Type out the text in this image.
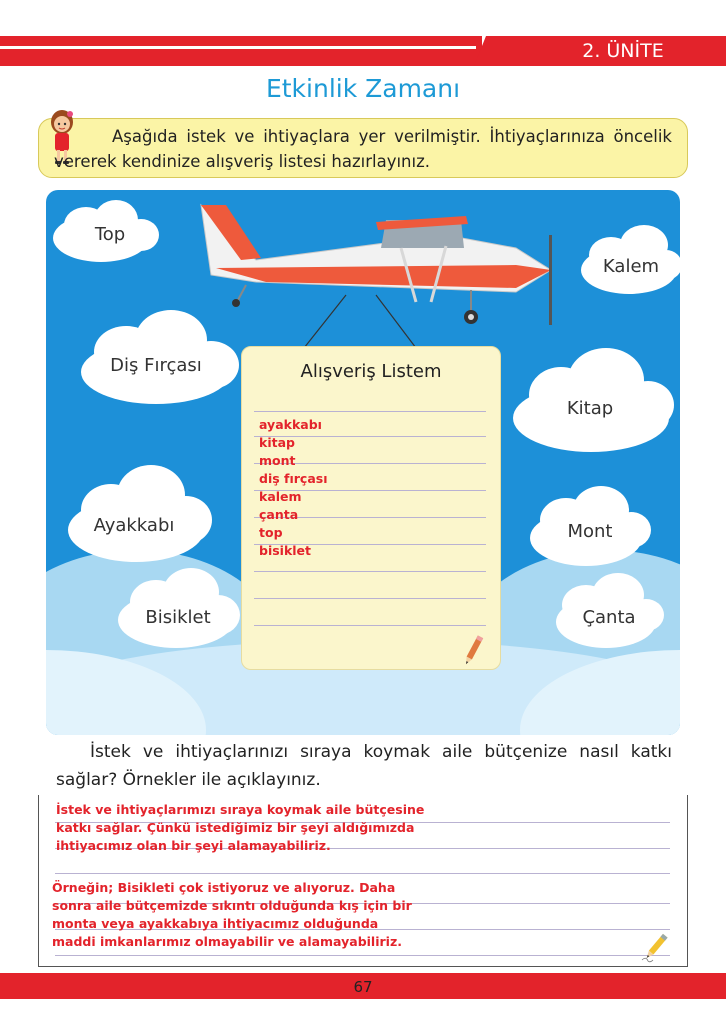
2. ÜNİTE
Etkinlik Zamanı
Aşağıda istek ve ihtiyaçlara yer verilmiştir. İhtiyaçlarınıza öncelik vererek kendinize alışveriş listesi hazırlayınız.
Top
Diş Fırçası
Ayakkabı
Bisiklet
Kalem
Kitap
Mont
Çanta
Alışveriş Listem
ayakkabı
kitap
mont
diş fırçası
kalem
çanta
top
bisiklet
İstek ve ihtiyaçlarınızı sıraya koymak aile bütçenize nasıl katkı sağlar? Örnekler ile açıklayınız.
İstek ve ihtiyaçlarımızı sıraya koymak aile bütçesine
katkı sağlar. Çünkü istediğimiz bir şeyi aldığımızda
ihtiyacımız olan bir şeyi alamayabiliriz.
Örneğin; Bisikleti çok istiyoruz ve alıyoruz. Daha
sonra aile bütçemizde sıkıntı olduğunda kış için bir
monta veya ayakkabıya ihtiyacımız olduğunda
maddi imkanlarımız olmayabilir ve alamayabiliriz.
67
